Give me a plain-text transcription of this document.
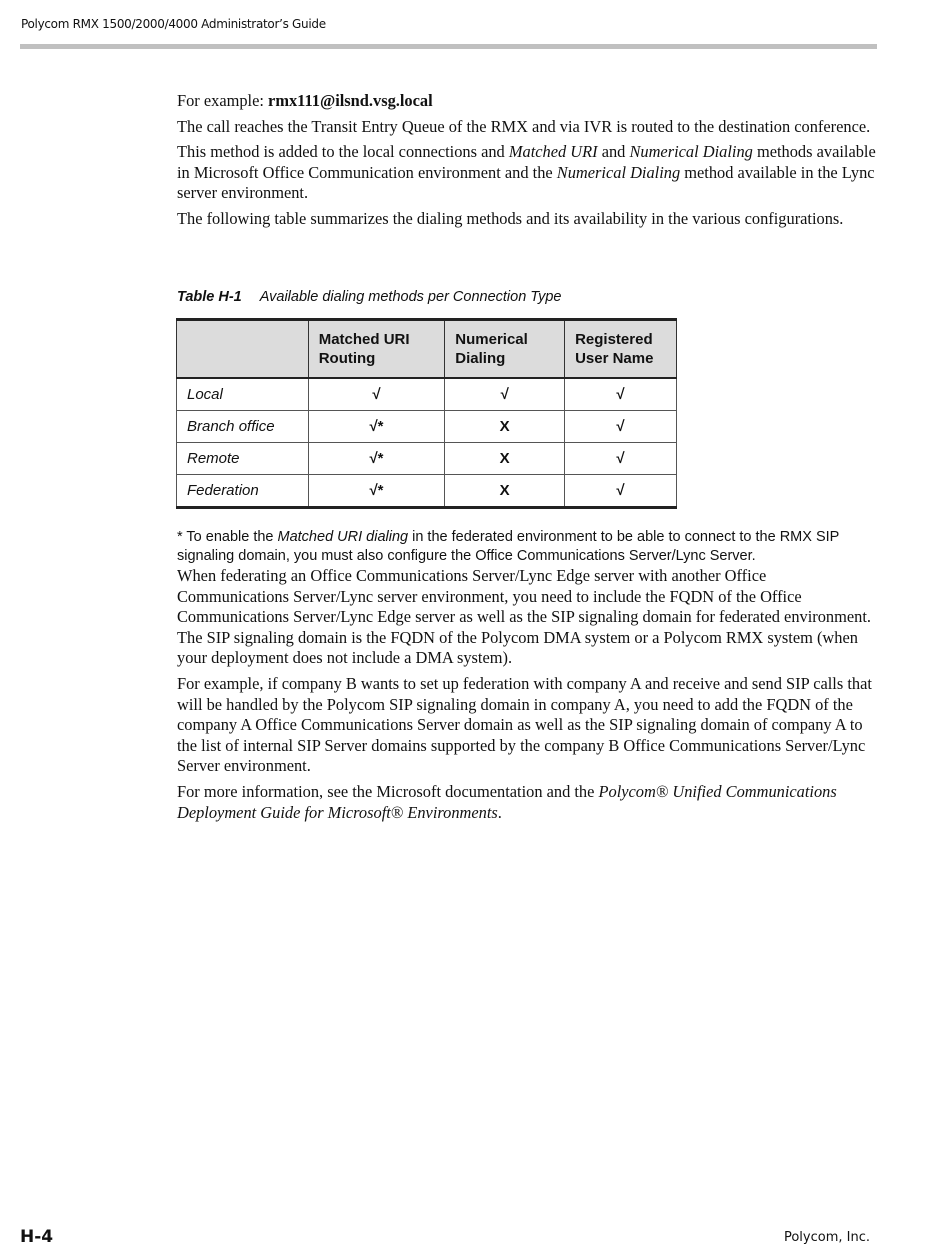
Polycom RMX 1500/2000/4000 Administrator’s Guide

For example: rmx111@ilsnd.vsg.local

The call reaches the Transit Entry Queue of the RMX and via IVR is routed to the destination conference.

This method is added to the local connections and Matched URI and Numerical Dialing methods available in Microsoft Office Communication environment and the Numerical Dialing method available in the Lync server environment.

The following table summarizes the dialing methods and its availability in the various configurations.

Table H-1 Available dialing methods per Connection Type
	Matched URI Routing	Numerical Dialing	Registered User Name
Local	√	√	√
Branch office	√*	X	√
Remote	√*	X	√
Federation	√*	X	√
* To enable the Matched URI dialing in the federated environment to be able to connect to the RMX SIP signaling domain, you must also configure the Office Communications Server/Lync Server.

When federating an Office Communications Server/Lync Edge server with another Office Communications Server/Lync server environment, you need to include the FQDN of the Office Communications Server/Lync Edge server as well as the SIP signaling domain for federated environment. The SIP signaling domain is the FQDN of the Polycom DMA system or a Polycom RMX system (when your deployment does not include a DMA system).

For example, if company B wants to set up federation with company A and receive and send SIP calls that will be handled by the Polycom SIP signaling domain in company A, you need to add the FQDN of the company A Office Communications Server domain as well as the SIP signaling domain of company A to the list of internal SIP Server domains supported by the company B Office Communications Server/Lync Server environment.

For more information, see the Microsoft documentation and the Polycom® Unified Communications Deployment Guide for Microsoft® Environments.

H-4	Polycom, Inc.
